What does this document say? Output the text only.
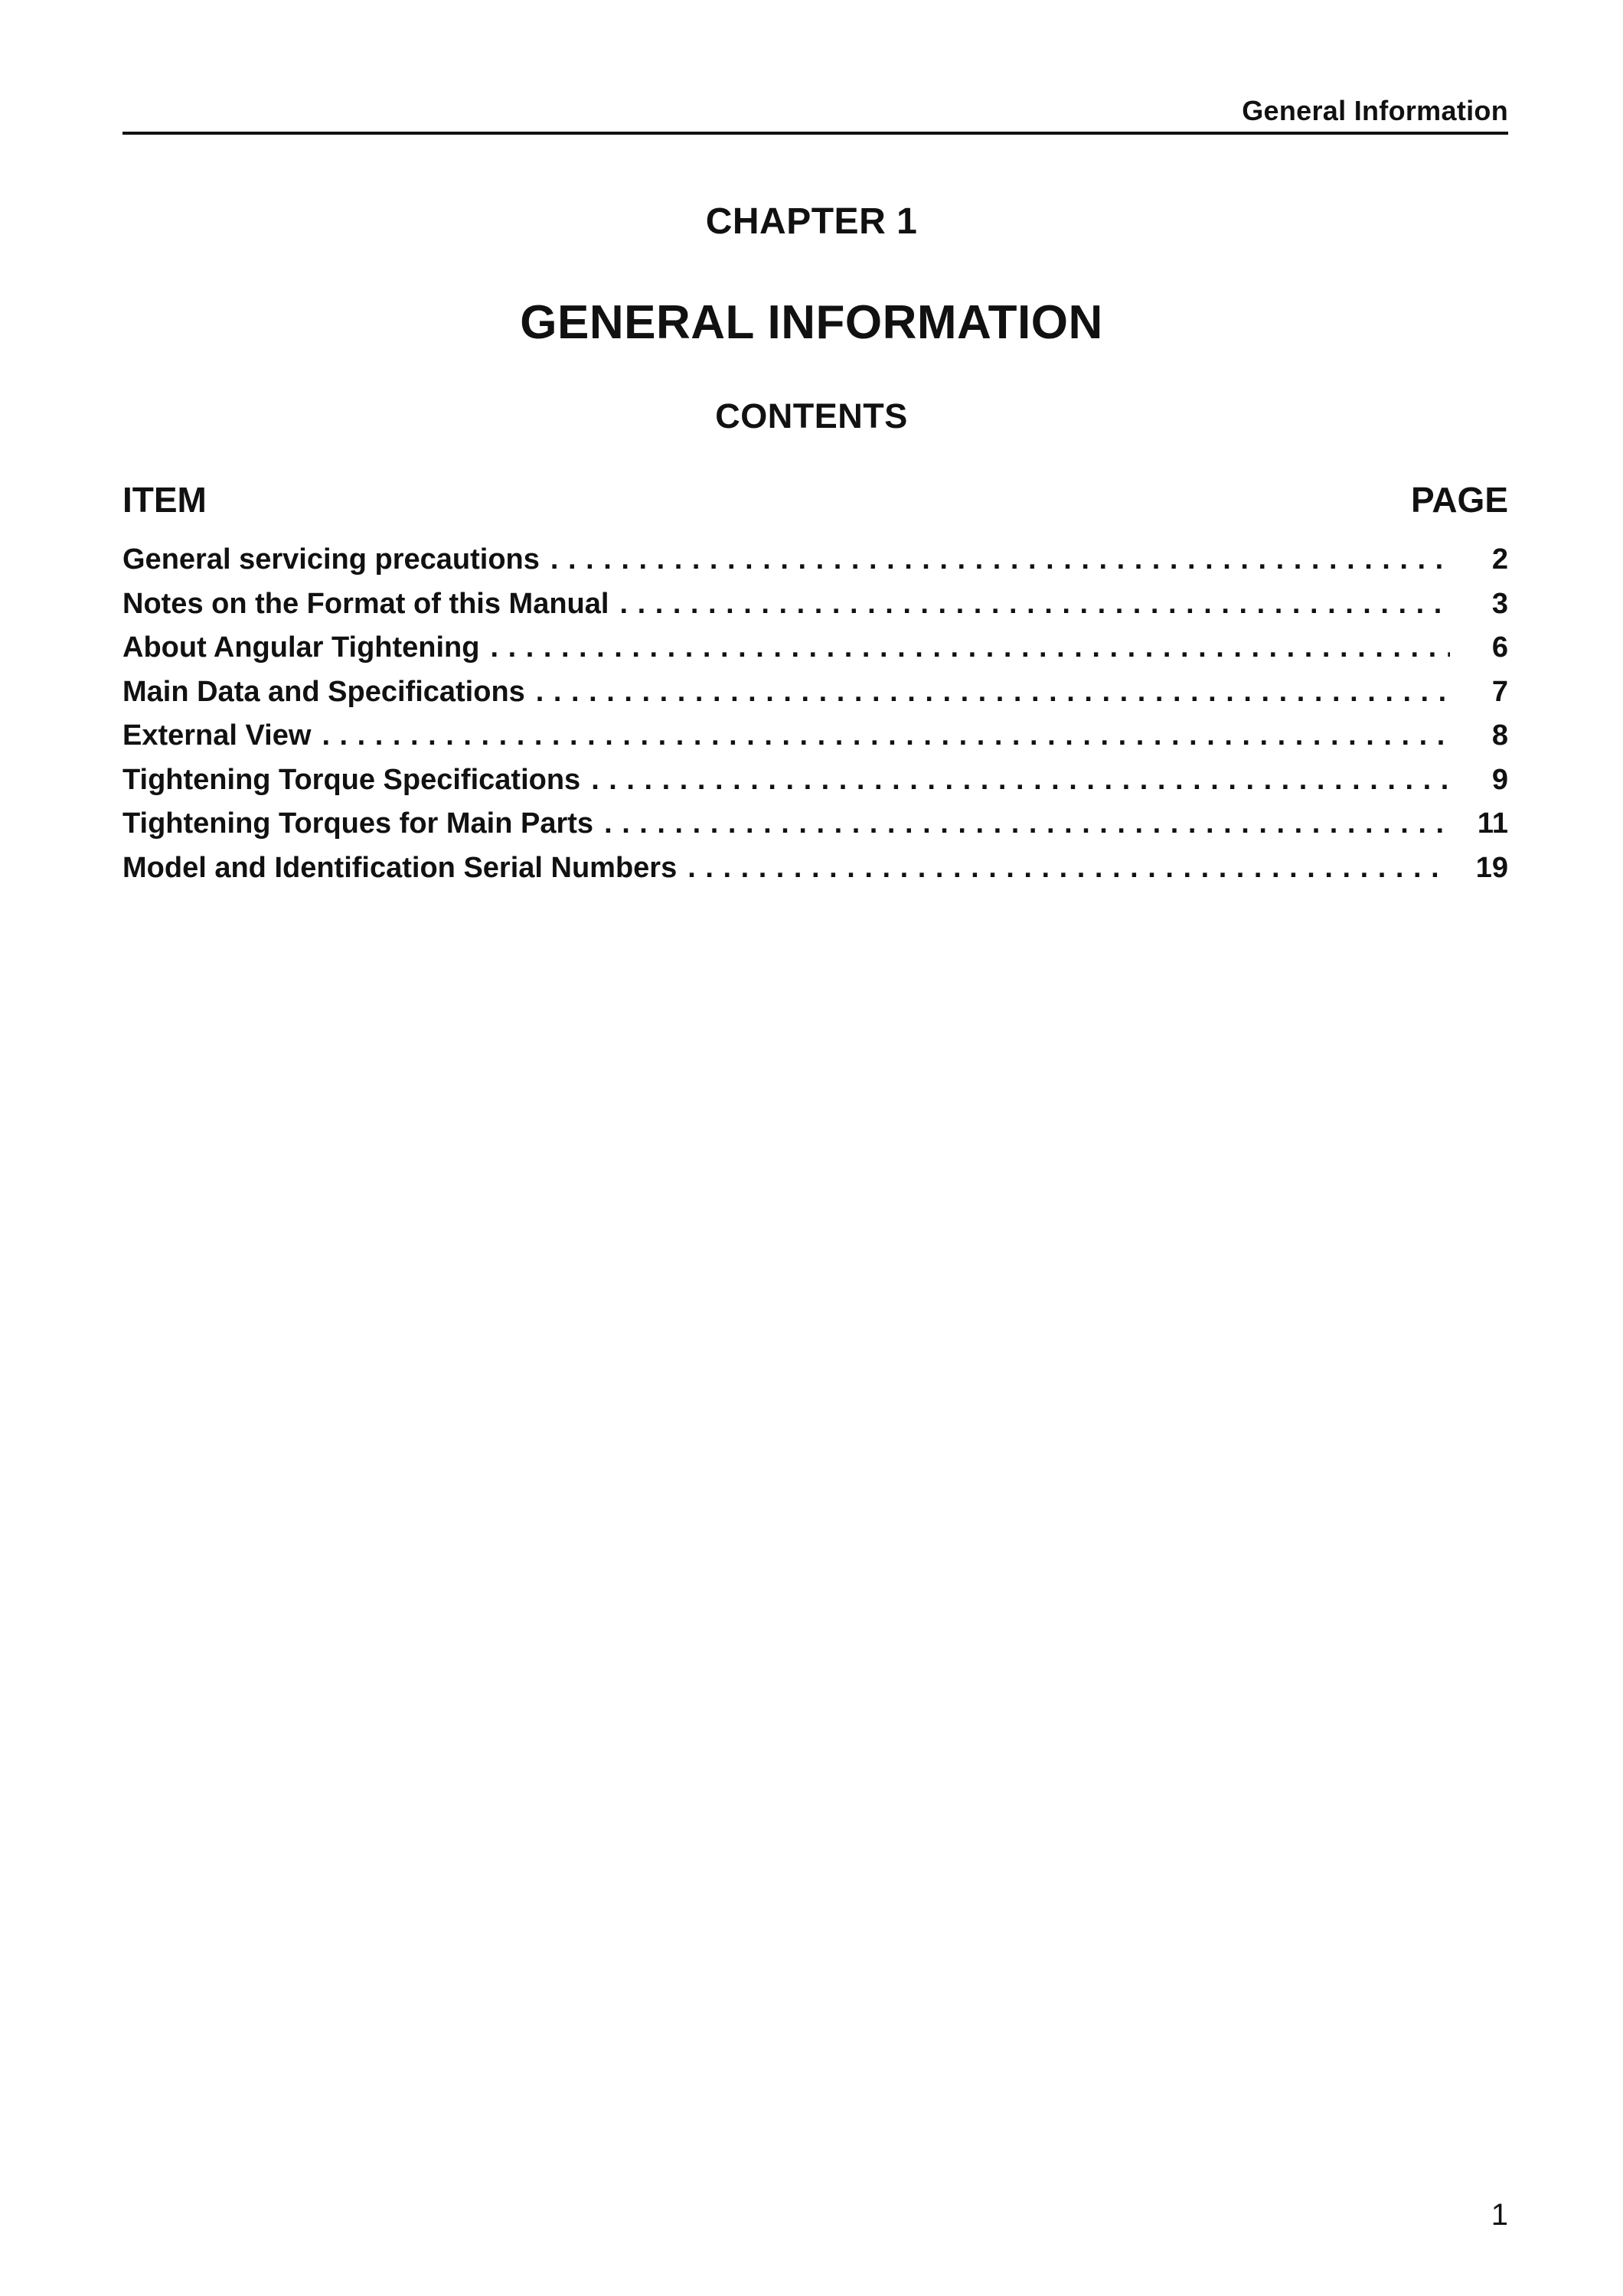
General Information
CHAPTER 1
GENERAL INFORMATION
CONTENTS
ITEM	PAGE
General servicing precautions . . .	2
Notes on the Format of this Manual . . .	3
About Angular Tightening . . .	6
Main Data and Specifications . . .	7
External View . . .	8
Tightening Torque Specifications . . .	9
Tightening Torques for Main Parts . . .	11
Model and Identification Serial Numbers . . .	19
1
